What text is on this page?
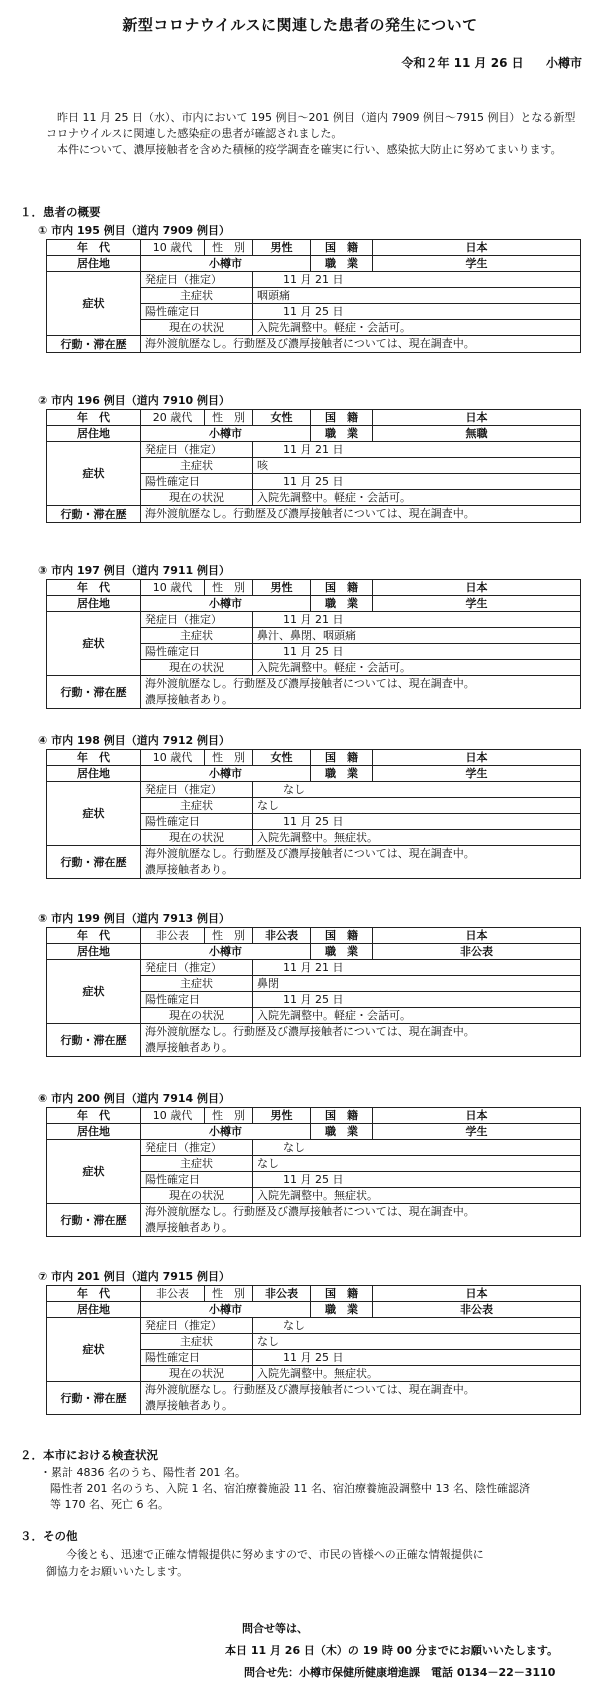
新型コロナウイルスに関連した患者の発生について
令和２年 11 月 26 日 小樽市

昨日 11 月 25 日（水）、市内において 195 例目～201 例目（道内 7909 例目～7915 例目）となる新型コロナウイルスに関連した感染症の患者が確認されました。

本件について、濃厚接触者を含めた積極的疫学調査を確実に行い、感染拡大防止に努めてまいります。

１．患者の概要
① 市内 195 例目（道内 7909 例目）
年　代	10 歳代	性　別	男性	国　籍	日本
居住地	小樽市			職　業	学生
症状	発症日（推定）		11 月 21 日		
	主症状		咽頭痛		
	陽性確定日		11 月 25 日		
	現在の状況		入院先調整中。軽症・会話可。		
行動・滞在歴	海外渡航歴なし。行動歴及び濃厚接触者については、現在調査中。				
② 市内 196 例目（道内 7910 例目）
年　代	20 歳代	性　別	女性	国　籍	日本
居住地	小樽市			職　業	無職
症状	発症日（推定）		11 月 21 日		
	主症状		咳		
	陽性確定日		11 月 25 日		
	現在の状況		入院先調整中。軽症・会話可。		
行動・滞在歴	海外渡航歴なし。行動歴及び濃厚接触者については、現在調査中。				
③ 市内 197 例目（道内 7911 例目）
年　代	10 歳代	性　別	男性	国　籍	日本
居住地	小樽市			職　業	学生
症状	発症日（推定）		11 月 21 日		
	主症状		鼻汁、鼻閉、咽頭痛		
	陽性確定日		11 月 25 日		
	現在の状況		入院先調整中。軽症・会話可。		
行動・滞在歴	海外渡航歴なし。行動歴及び濃厚接触者については、現在調査中。
濃厚接触者あり。				
④ 市内 198 例目（道内 7912 例目）
年　代	10 歳代	性　別	女性	国　籍	日本
居住地	小樽市			職　業	学生
症状	発症日（推定）		なし		
	主症状		なし		
	陽性確定日		11 月 25 日		
	現在の状況		入院先調整中。無症状。		
行動・滞在歴	海外渡航歴なし。行動歴及び濃厚接触者については、現在調査中。
濃厚接触者あり。				
⑤ 市内 199 例目（道内 7913 例目）
年　代	非公表	性　別	非公表	国　籍	日本
居住地	小樽市			職　業	非公表
症状	発症日（推定）		11 月 21 日		
	主症状		鼻閉		
	陽性確定日		11 月 25 日		
	現在の状況		入院先調整中。軽症・会話可。		
行動・滞在歴	海外渡航歴なし。行動歴及び濃厚接触者については、現在調査中。
濃厚接触者あり。				
⑥ 市内 200 例目（道内 7914 例目）
年　代	10 歳代	性　別	男性	国　籍	日本
居住地	小樽市			職　業	学生
症状	発症日（推定）		なし		
	主症状		なし		
	陽性確定日		11 月 25 日		
	現在の状況		入院先調整中。無症状。		
行動・滞在歴	海外渡航歴なし。行動歴及び濃厚接触者については、現在調査中。
濃厚接触者あり。				
⑦ 市内 201 例目（道内 7915 例目）
年　代	非公表	性　別	非公表	国　籍	日本
居住地	小樽市			職　業	非公表
症状	発症日（推定）		なし		
	主症状		なし		
	陽性確定日		11 月 25 日		
	現在の状況		入院先調整中。無症状。		
行動・滞在歴	海外渡航歴なし。行動歴及び濃厚接触者については、現在調査中。
濃厚接触者あり。				
２．本市における検査状況
・累計 4836 名のうち、陽性者 201 名。
陽性者 201 名のうち、入院 1 名、宿泊療養施設 11 名、宿泊療養施設調整中 13 名、陰性確認済
等 170 名、死亡 6 名。
３．その他
今後とも、迅速で正確な情報提供に努めますので、市民の皆様への正確な情報提供に
御協力をお願いいたします。
問合せ等は、
本日 11 月 26 日（木）の 19 時 00 分までにお願いいたします。
問合せ先：小樽市保健所健康増進課　電話 0134－22－3110
